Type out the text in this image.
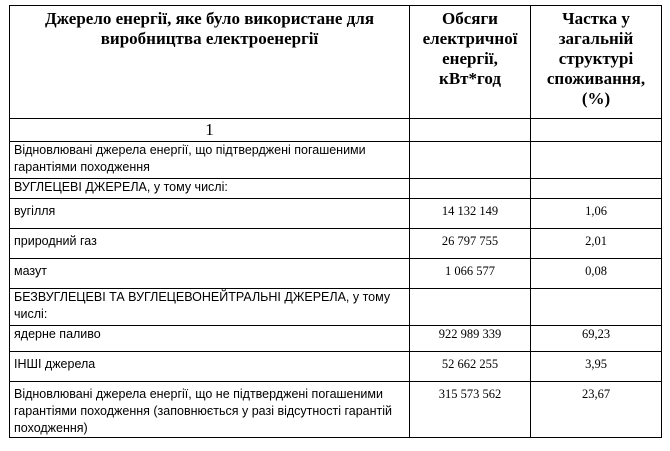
Джерело енергії, яке було використане для виробництва електроенергії	Обсяги електричної енергії, кВт*год	Частка у загальній структурі споживання, (%)
1		
Відновлювані джерела енергії, що підтверджені погашеними гарантіями походження		
ВУГЛЕЦЕВІ ДЖЕРЕЛА, у тому числі:		
вугілля	14 132 149	1,06
природний газ	26 797 755	2,01
мазут	1 066 577	0,08
БЕЗВУГЛЕЦЕВІ ТА ВУГЛЕЦЕВОНЕЙТРАЛЬНІ ДЖЕРЕЛА, у тому числі:		
ядерне паливо	922 989 339	69,23
ІНШІ джерела	52 662 255	3,95
Відновлювані джерела енергії, що не підтверджені погашеними гарантіями походження (заповнюється у разі відсутності гарантій походження)	315 573 562	23,67
